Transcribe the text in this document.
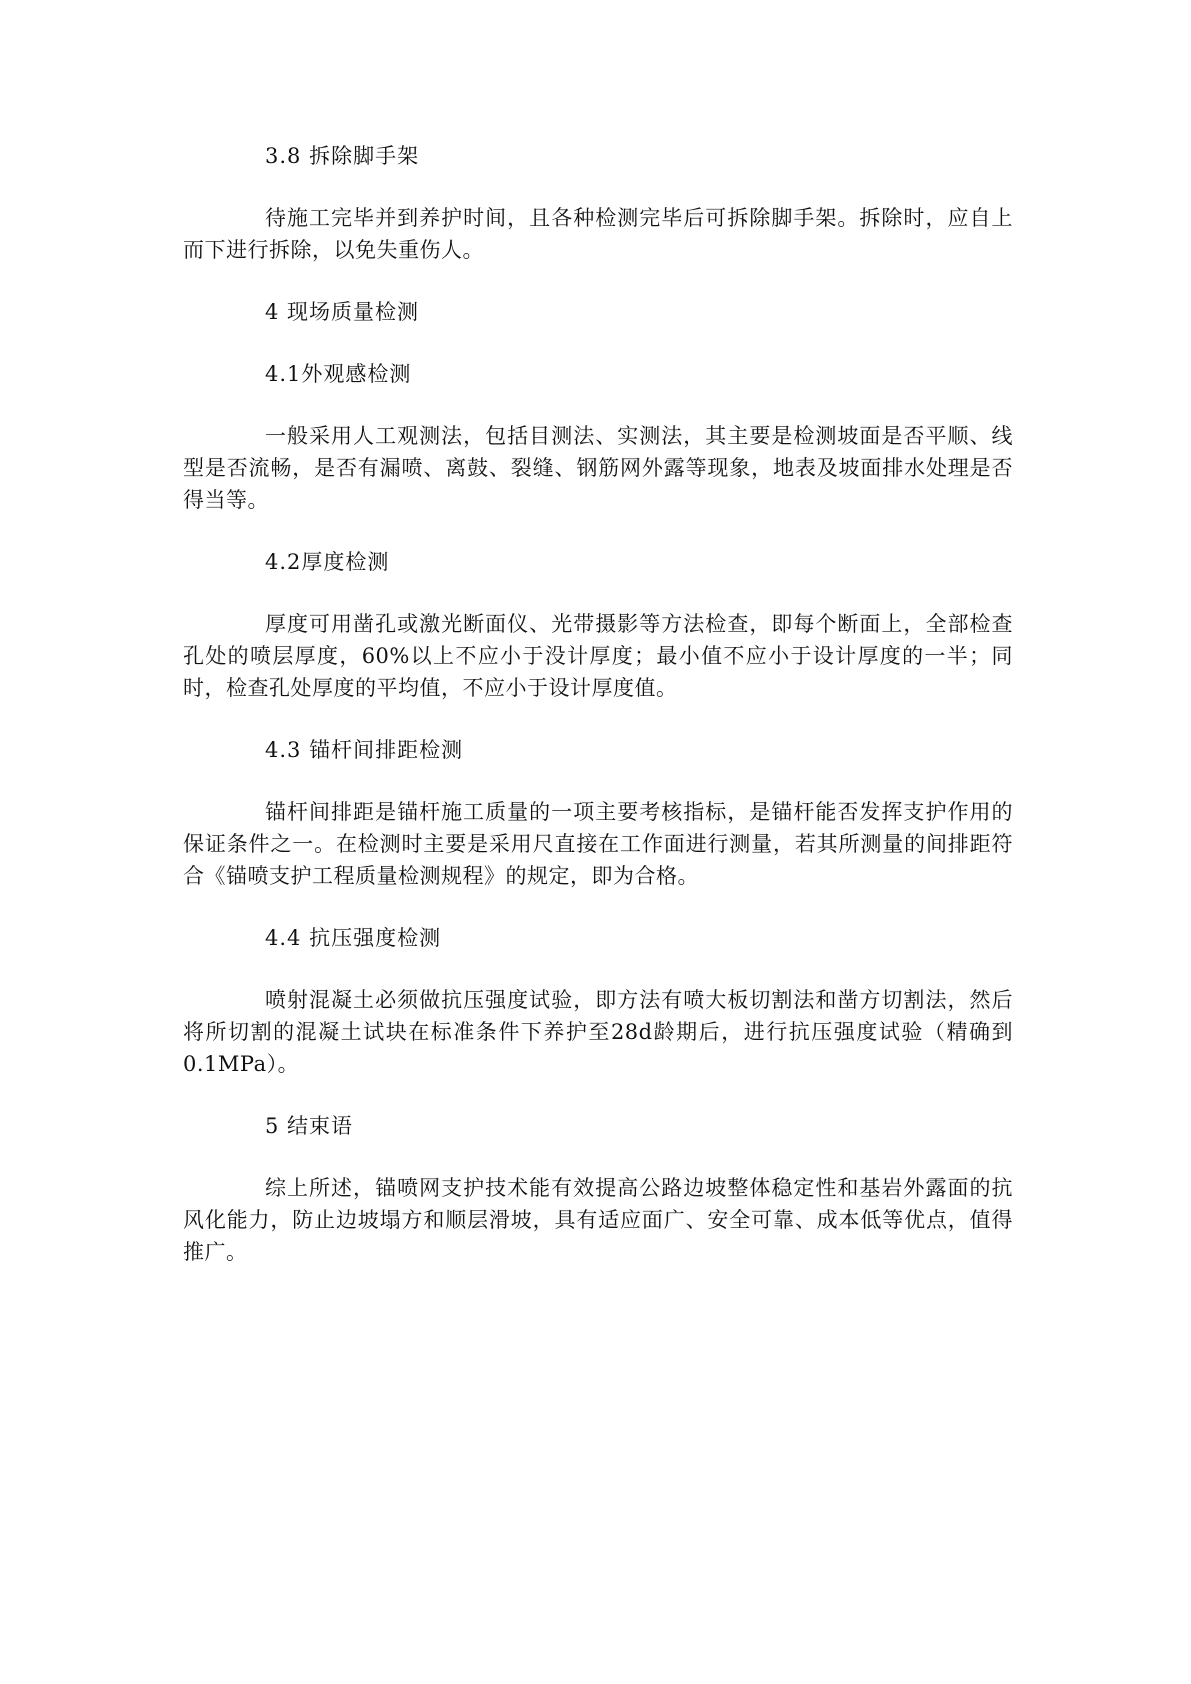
3.8 拆除脚手架

待施工完毕并到养护时间，且各种检测完毕后可拆除脚手架。拆除时，应自上而下进行拆除，以免失重伤人。

4 现场质量检测
4.1外观感检测

一般采用人工观测法，包括目测法、实测法，其主要是检测坡面是否平顺、线型是否流畅，是否有漏喷、离鼓、裂缝、钢筋网外露等现象，地表及坡面排水处理是否得当等。

4.2厚度检测

厚度可用凿孔或激光断面仪、光带摄影等方法检查，即每个断面上，全部检查孔处的喷层厚度，60%以上不应小于没计厚度；最小值不应小于设计厚度的一半；同时，检查孔处厚度的平均值，不应小于设计厚度值。

4.3 锚杆间排距检测

锚杆间排距是锚杆施工质量的一项主要考核指标，是锚杆能否发挥支护作用的保证条件之一。在检测时主要是采用尺直接在工作面进行测量，若其所测量的间排距符合《锚喷支护工程质量检测规程》的规定，即为合格。

4.4 抗压强度检测

喷射混凝土必须做抗压强度试验，即方法有喷大板切割法和凿方切割法，然后将所切割的混凝土试块在标准条件下养护至28d龄期后，进行抗压强度试验（精确到0.1MPa）。

5 结束语

综上所述，锚喷网支护技术能有效提高公路边坡整体稳定性和基岩外露面的抗风化能力，防止边坡塌方和顺层滑坡，具有适应面广、安全可靠、成本低等优点，值得推广。
